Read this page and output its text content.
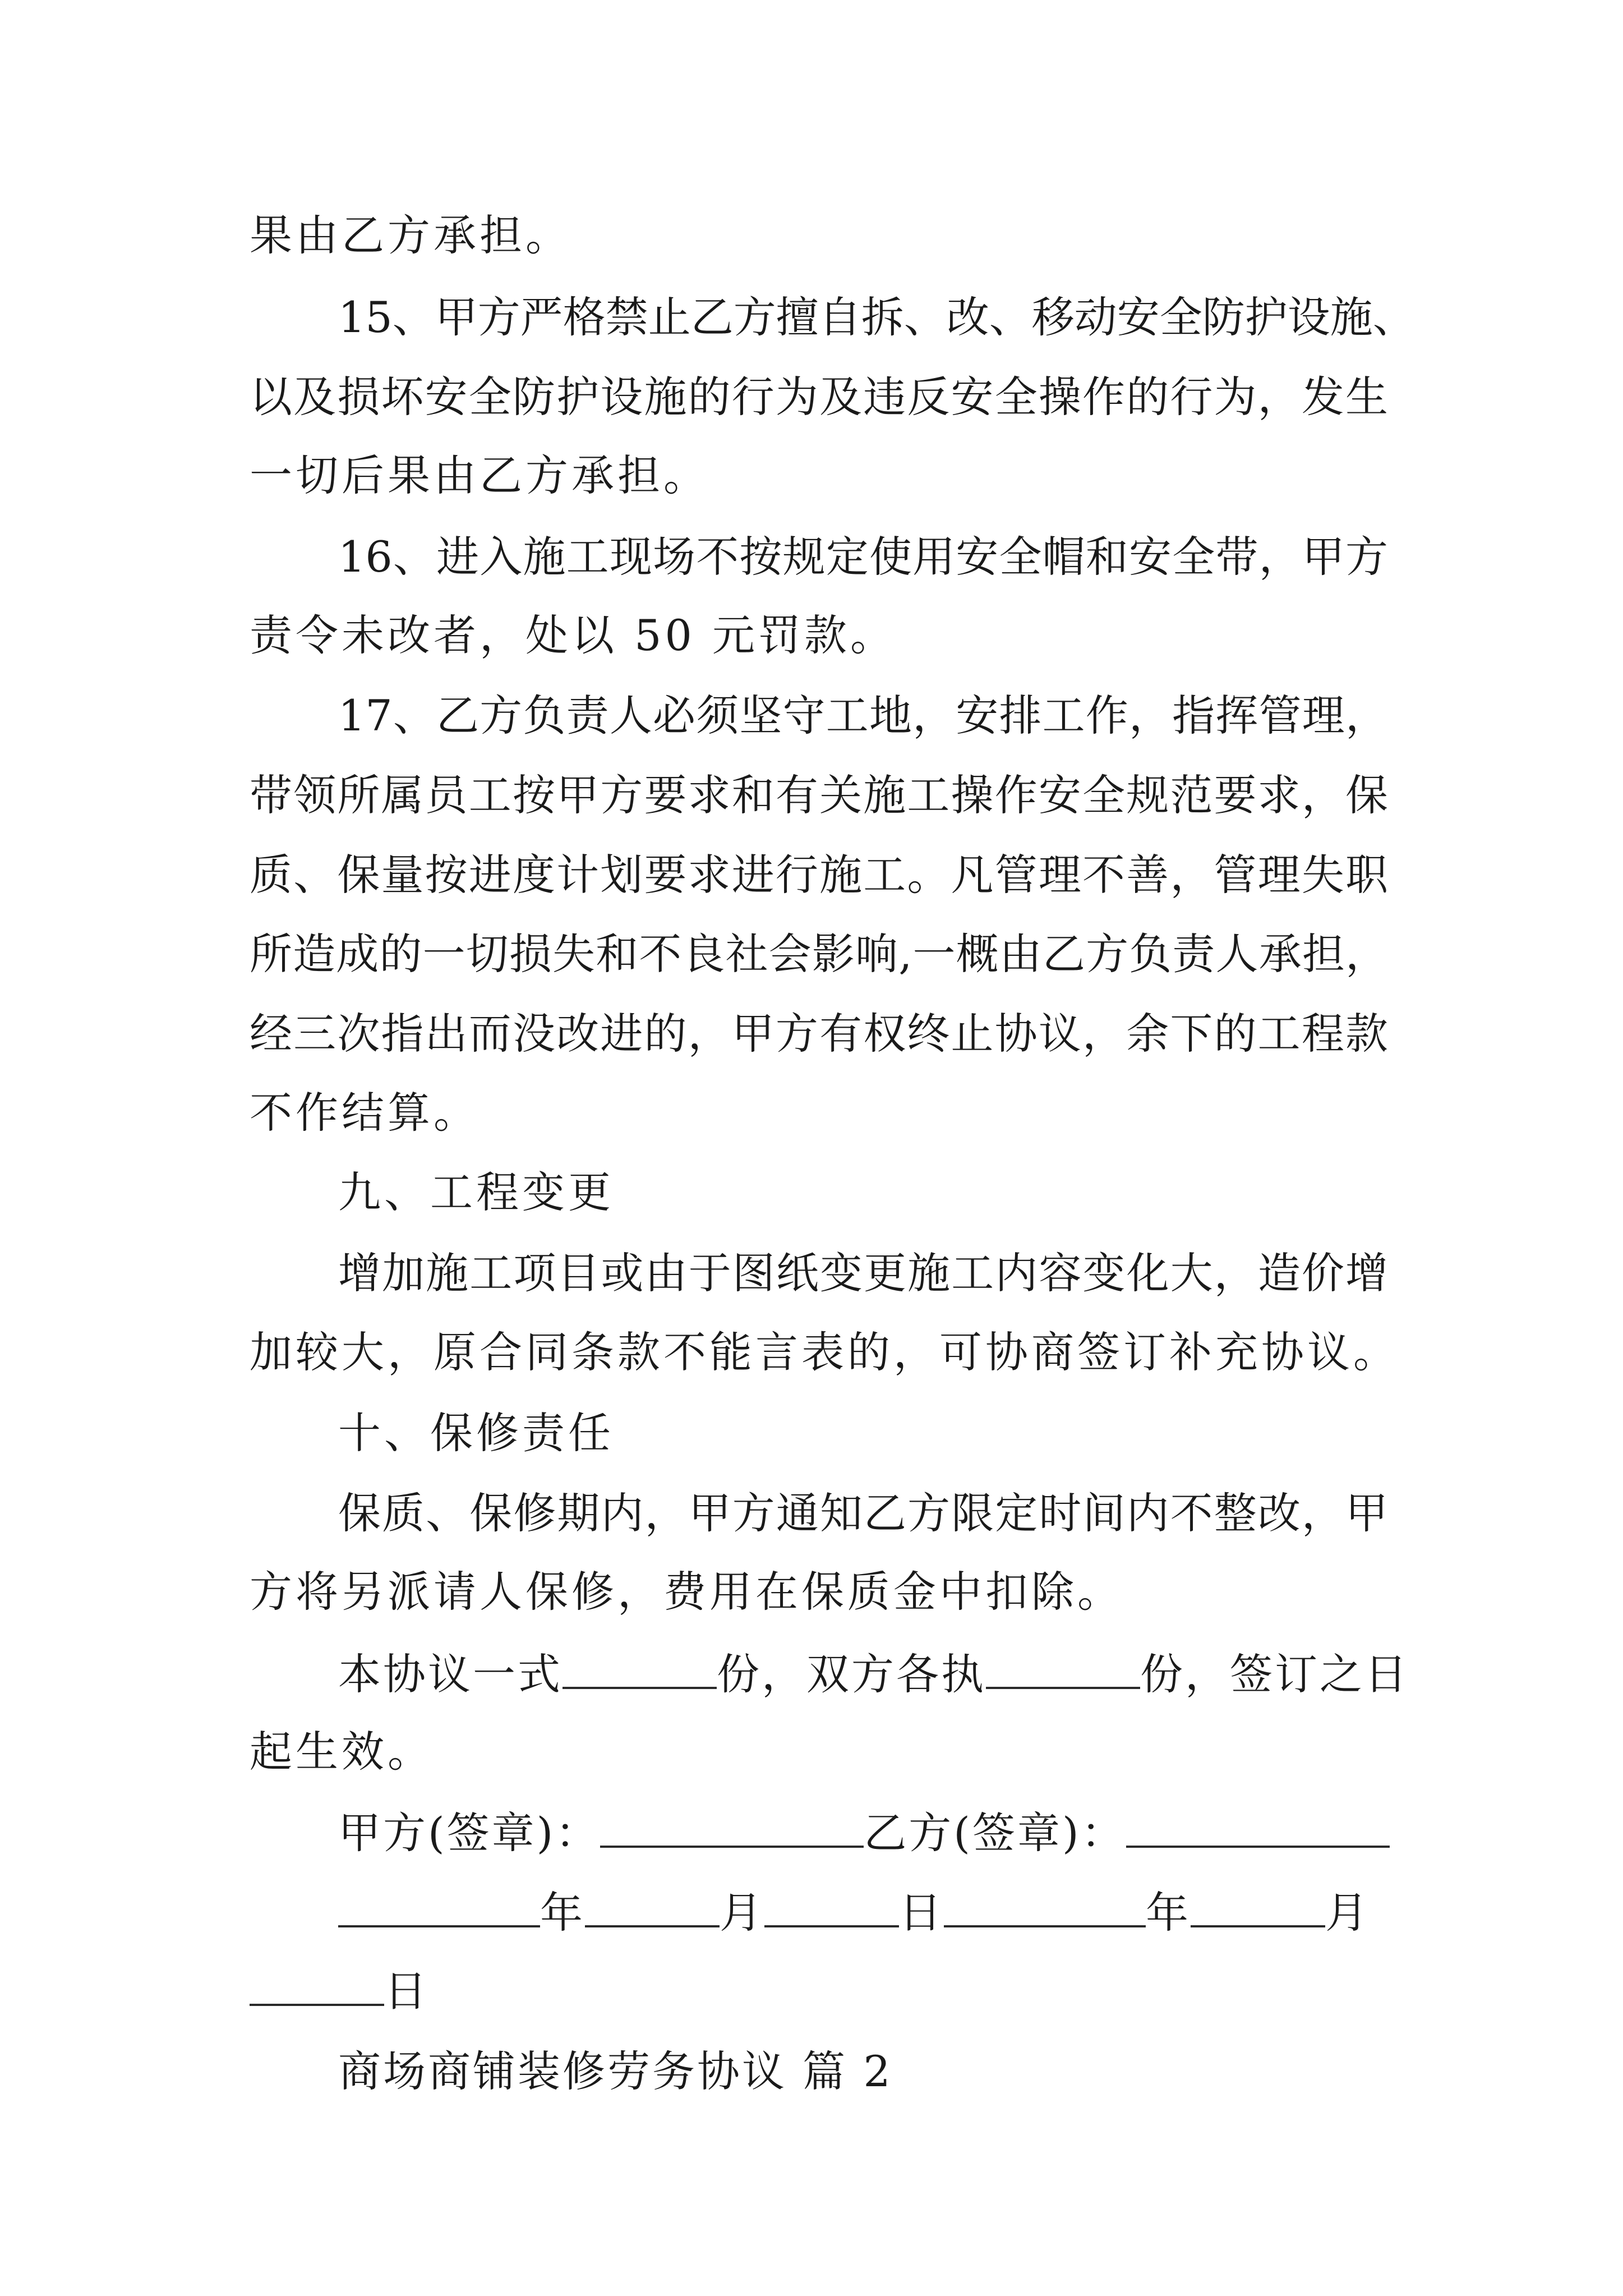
果由乙方承担。
15、甲方严格禁止乙方擅自拆、改、移动安全防护设施、
以及损坏安全防护设施的行为及违反安全操作的行为，发生
一切后果由乙方承担。
16、进入施工现场不按规定使用安全帽和安全带，甲方
责令未改者，处以 50 元罚款。
17、乙方负责人必须坚守工地，安排工作，指挥管理，
带领所属员工按甲方要求和有关施工操作安全规范要求，保
质、保量按进度计划要求进行施工。凡管理不善，管理失职
所造成的一切损失和不良社会影响,一概由乙方负责人承担，
经三次指出而没改进的，甲方有权终止协议，余下的工程款
不作结算。
九、工程变更
增加施工项目或由于图纸变更施工内容变化大，造价增
加较大，原合同条款不能言表的，可协商签订补充协议。
十、保修责任
保质、保修期内，甲方通知乙方限定时间内不整改，甲
方将另派请人保修，费用在保质金中扣除。
本协议一式	份，双方各执	份，签订之日
起生效。
甲方(签章)：	乙方(签章)：
年	月	日	年	月
日
商场商铺装修劳务协议 篇 2
